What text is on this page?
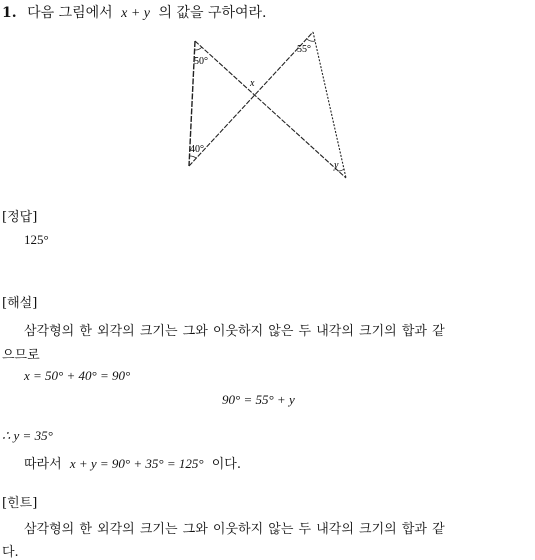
1. 다음 그림에서 x + y 의 값을 구하여라.
50°
55°
40°
x
y
[정답]
125°
[해설]
삼각형의 한 외각의 크기는 그와 이웃하지 않은 두 내각의 크기의 합과 같
으므로
x = 50° + 40° = 90°
90° = 55° + y
∴ y = 35°
따라서 x + y = 90° + 35° = 125° 이다.
[힌트]
삼각형의 한 외각의 크기는 그와 이웃하지 않는 두 내각의 크기의 합과 같
다.
